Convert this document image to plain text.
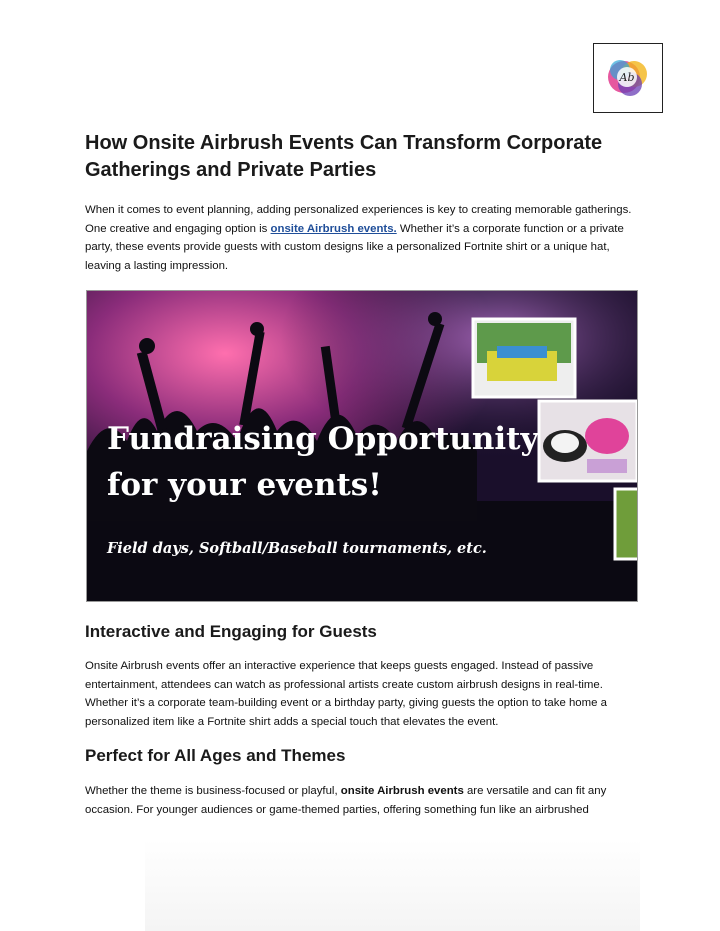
Ab
How Onsite Airbrush Events Can Transform Corporate Gatherings and Private Parties

When it comes to event planning, adding personalized experiences is key to creating memorable gatherings. One creative and engaging option is onsite Airbrush events. Whether it’s a corporate function or a private party, these events provide guests with custom designs like a personalized Fortnite shirt or a unique hat, leaving a lasting impression.

Fundraising Opportunity
for your events!
Field days, Softball/Baseball tournaments, etc.
Interactive and Engaging for Guests

Onsite Airbrush events offer an interactive experience that keeps guests engaged. Instead of passive entertainment, attendees can watch as professional artists create custom airbrush designs in real-time. Whether it’s a corporate team-building event or a birthday party, giving guests the option to take home a personalized item like a Fortnite shirt adds a special touch that elevates the event.

Perfect for All Ages and Themes

Whether the theme is business-focused or playful, onsite Airbrush events are versatile and can fit any occasion. For younger audiences or game-themed parties, offering something fun like an airbrushed
